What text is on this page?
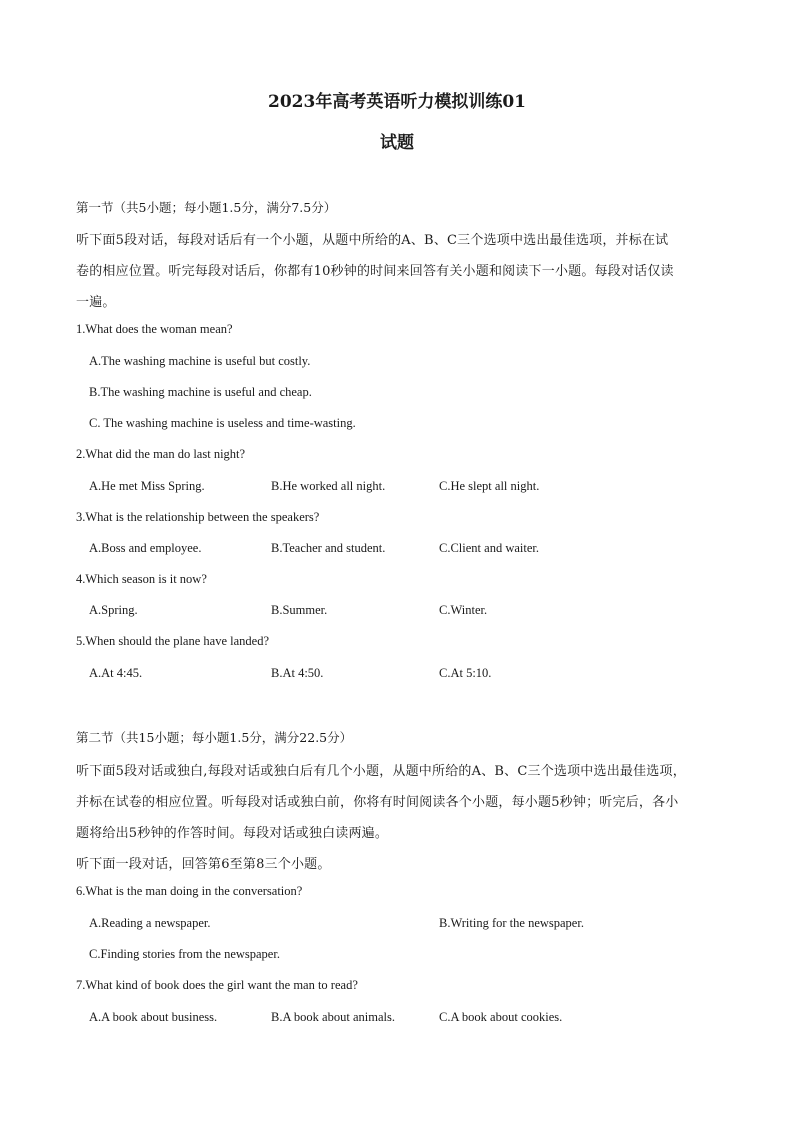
2023年高考英语听力模拟训练01
试题
第一节（共5小题；每小题1.5分，满分7.5分）
听下面5段对话，每段对话后有一个小题，从题中所给的A、B、C三个选项中选出最佳选项，并标在试
卷的相应位置。听完每段对话后，你都有10秒钟的时间来回答有关小题和阅读下一小题。每段对话仅读
一遍。
1.What does the woman mean?
A.The washing machine is useful but costly.
B.The washing machine is useful and cheap.
C. The washing machine is useless and time-wasting.
2.What did the man do last night?
A.He met Miss Spring.	B.He worked all night.	C.He slept all night.
3.What is the relationship between the speakers?
A.Boss and employee.	B.Teacher and student.	C.Client and waiter.
4.Which season is it now?
A.Spring.	B.Summer.	C.Winter.
5.When should the plane have landed?
A.At 4:45.	B.At 4:50.	C.At 5:10.
第二节（共15小题；每小题1.5分，满分22.5分）
听下面5段对话或独白,每段对话或独白后有几个小题，从题中所给的A、B、C三个选项中选出最佳选项，
并标在试卷的相应位置。听每段对话或独白前，你将有时间阅读各个小题，每小题5秒钟；听完后，各小
题将给出5秒钟的作答时间。每段对话或独白读两遍。
听下面一段对话，回答第6至第8三个小题。
6.What is the man doing in the conversation?
A.Reading a newspaper.	B.Writing for the newspaper.
C.Finding stories from the newspaper.
7.What kind of book does the girl want the man to read?
A.A book about business.	B.A book about animals.	C.A book about cookies.
